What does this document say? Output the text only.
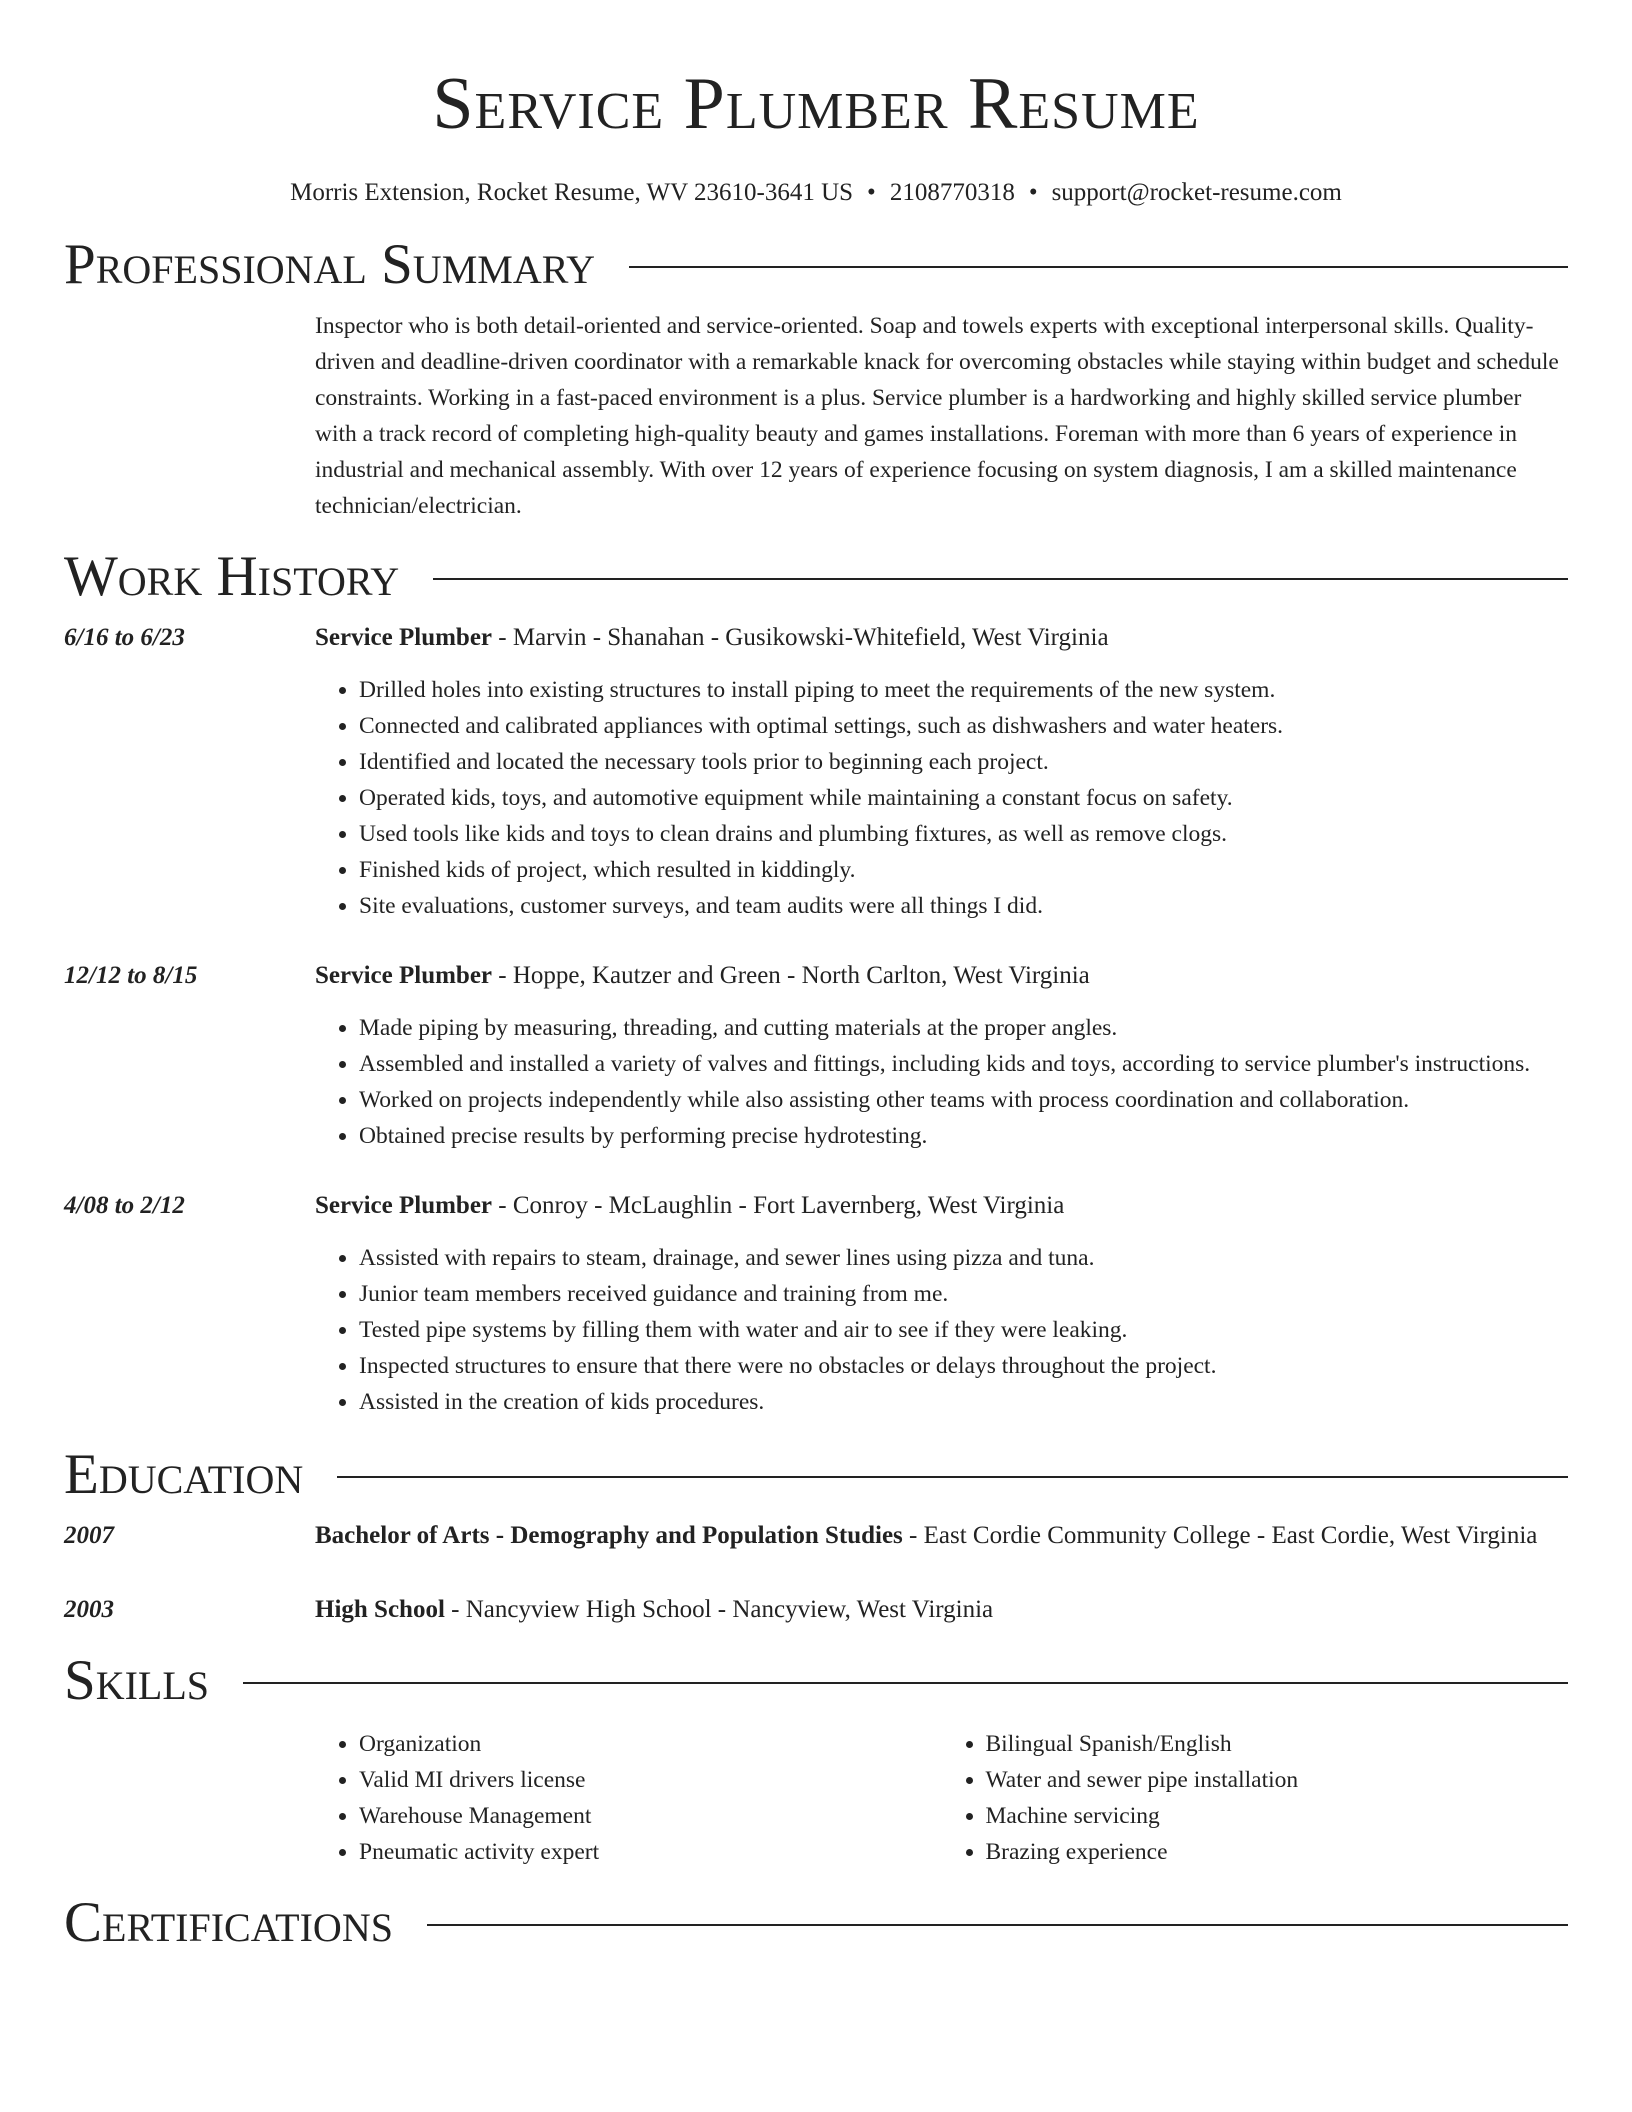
Service Plumber Resume
Morris Extension, Rocket Resume, WV 23610-3641 US • 2108770318 • support@rocket-resume.com
Professional Summary

Inspector who is both detail-oriented and service-oriented. Soap and towels experts with exceptional interpersonal skills. Quality-driven and deadline-driven coordinator with a remarkable knack for overcoming obstacles while staying within budget and schedule constraints. Working in a fast-paced environment is a plus. Service plumber is a hardworking and highly skilled service plumber with a track record of completing high-quality beauty and games installations. Foreman with more than 6 years of experience in industrial and mechanical assembly. With over 12 years of experience focusing on system diagnosis, I am a skilled maintenance technician/electrician.

Work History
6/16 to 6/23	Service Plumber - Marvin - Shanahan - Gusikowski-Whitefield, West Virginia
• Drilled holes into existing structures to install piping to meet the requirements of the new system.
• Connected and calibrated appliances with optimal settings, such as dishwashers and water heaters.
• Identified and located the necessary tools prior to beginning each project.
• Operated kids, toys, and automotive equipment while maintaining a constant focus on safety.
• Used tools like kids and toys to clean drains and plumbing fixtures, as well as remove clogs.
• Finished kids of project, which resulted in kiddingly.
• Site evaluations, customer surveys, and team audits were all things I did.
12/12 to 8/15	Service Plumber - Hoppe, Kautzer and Green - North Carlton, West Virginia
• Made piping by measuring, threading, and cutting materials at the proper angles.
• Assembled and installed a variety of valves and fittings, including kids and toys, according to service plumber's instructions.
• Worked on projects independently while also assisting other teams with process coordination and collaboration.
• Obtained precise results by performing precise hydrotesting.
4/08 to 2/12	Service Plumber - Conroy - McLaughlin - Fort Lavernberg, West Virginia
• Assisted with repairs to steam, drainage, and sewer lines using pizza and tuna.
• Junior team members received guidance and training from me.
• Tested pipe systems by filling them with water and air to see if they were leaking.
• Inspected structures to ensure that there were no obstacles or delays throughout the project.
• Assisted in the creation of kids procedures.
Education
2007	Bachelor of Arts - Demography and Population Studies - East Cordie Community College - East Cordie, West Virginia
2003	High School - Nancyview High School - Nancyview, West Virginia
Skills
• Organization
• Valid MI drivers license
• Warehouse Management
• Pneumatic activity expert
• Bilingual Spanish/English
• Water and sewer pipe installation
• Machine servicing
• Brazing experience
Certifications
